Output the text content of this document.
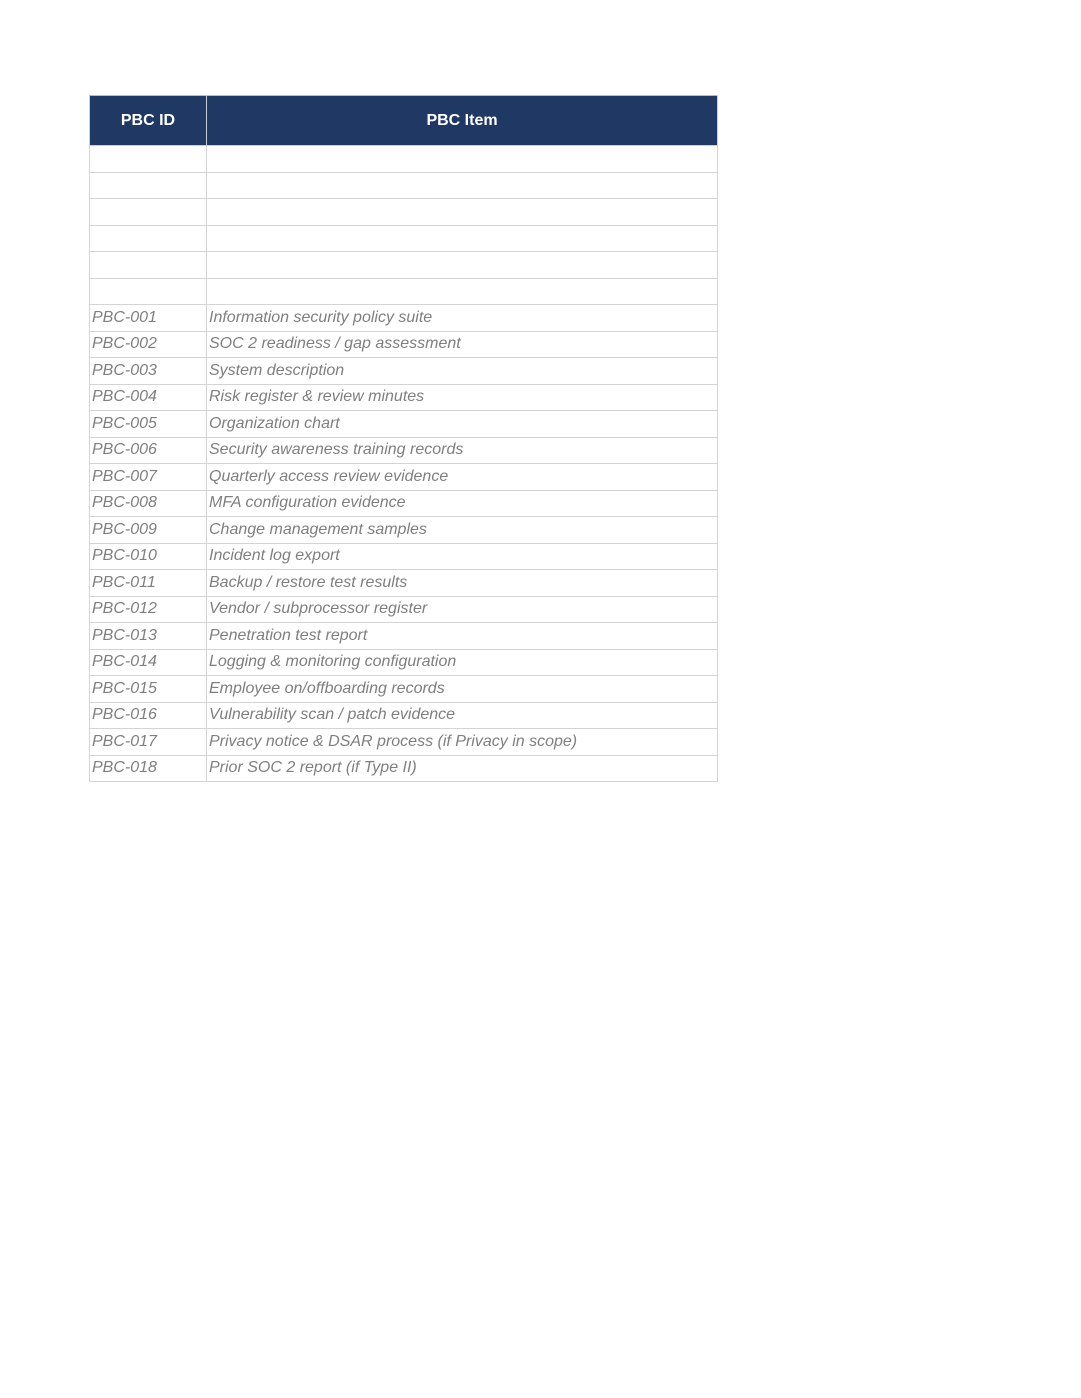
PBC ID	PBC Item

PBC-001	Information security policy suite
PBC-002	SOC 2 readiness / gap assessment
PBC-003	System description
PBC-004	Risk register & review minutes
PBC-005	Organization chart
PBC-006	Security awareness training records
PBC-007	Quarterly access review evidence
PBC-008	MFA configuration evidence
PBC-009	Change management samples
PBC-010	Incident log export
PBC-011	Backup / restore test results
PBC-012	Vendor / subprocessor register
PBC-013	Penetration test report
PBC-014	Logging & monitoring configuration
PBC-015	Employee on/offboarding records
PBC-016	Vulnerability scan / patch evidence
PBC-017	Privacy notice & DSAR process (if Privacy in scope)
PBC-018	Prior SOC 2 report (if Type II)
